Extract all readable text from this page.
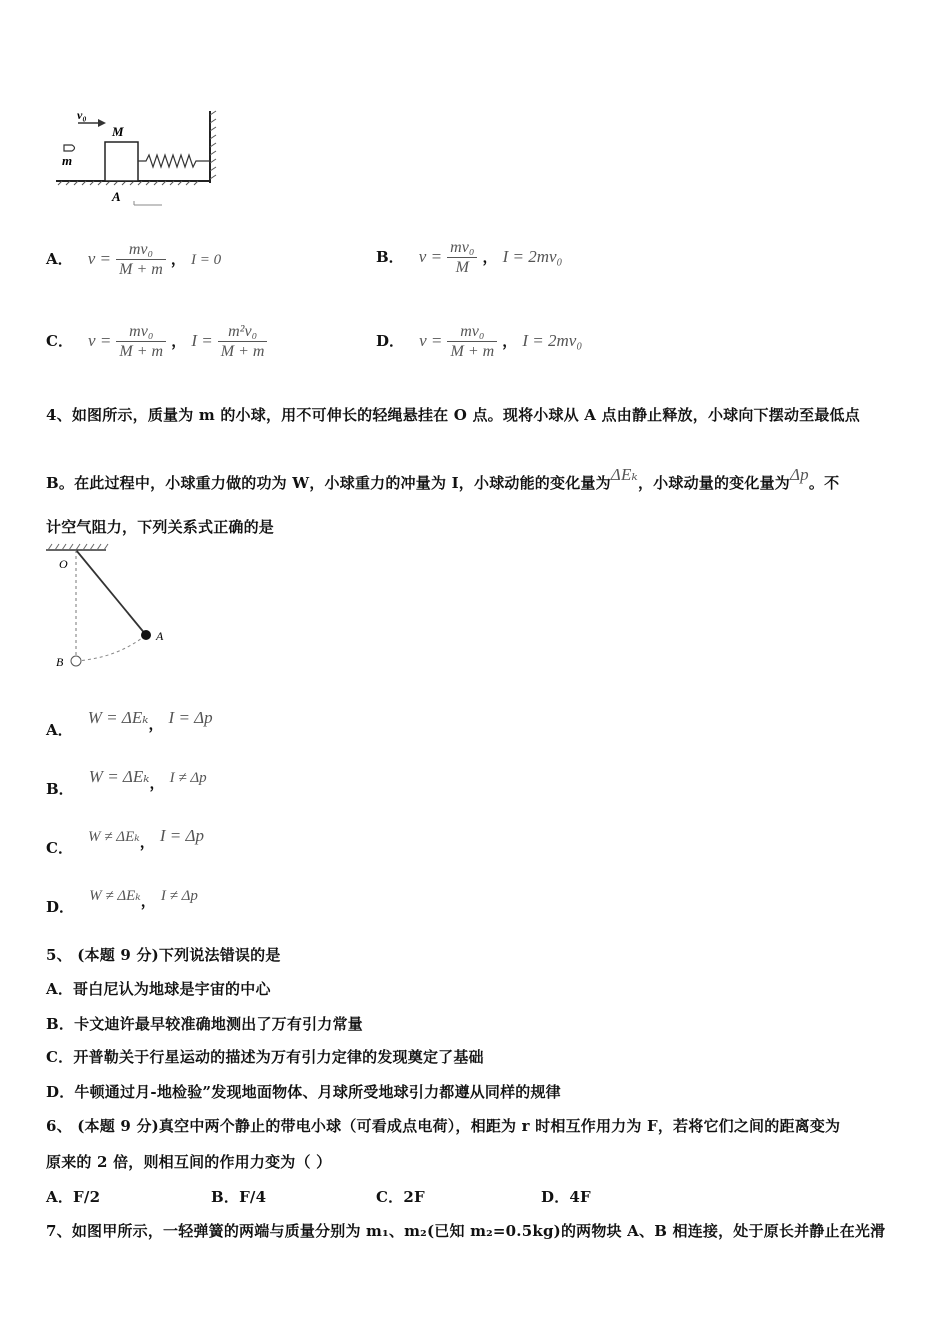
v₀
M
m
A
A． $v = \frac{\text{mv₀}}{M + m}$ ， I = 0	B． $v = \frac{\text{mv₀}}{M}$ ， I = 2mv₀
C． $v = \frac{\text{mv₀}}{M + m}$ ， $I = \frac{\text{m²v₀}}{M + m}$	D． $v = \frac{\text{mv₀}}{M + m}$ ， I = 2mv₀
4、如图所示，质量为 m 的小球，用不可伸长的轻绳悬挂在 O 点。现将小球从 A 点由静止释放，小球向下摆动至最低点
B。在此过程中，小球重力做的功为 W，小球重力的冲量为 I，小球动能的变化量为ΔEₖ，小球动量的变化量为Δp。不
计空气阻力，下列关系式正确的是
O
A
B
A． W = ΔEₖ， I = Δp
B． W = ΔEₖ， I ≠ Δp
C． W ≠ ΔEₖ， I = Δp
D． W ≠ ΔEₖ， I ≠ Δp
5、 (本题 9 分)下列说法错误的是
A．哥白尼认为地球是宇宙的中心
B．卡文迪许最早较准确地测出了万有引力常量
C．开普勒关于行星运动的描述为万有引力定律的发现奠定了基础
D．牛顿通过月-地检验”发现地面物体、月球所受地球引力都遵从同样的规律
6、 (本题 9 分)真空中两个静止的带电小球（可看成点电荷），相距为 r 时相互作用力为 F，若将它们之间的距离变为
原来的 2 倍，则相互间的作用力变为（ ）
A．F/2	B．F/4	C．2F	D．4F
7、如图甲所示，一轻弹簧的两端与质量分别为 m₁、m₂(已知 m₂=0.5kg)的两物块 A、B 相连接，处于原长并静止在光滑
